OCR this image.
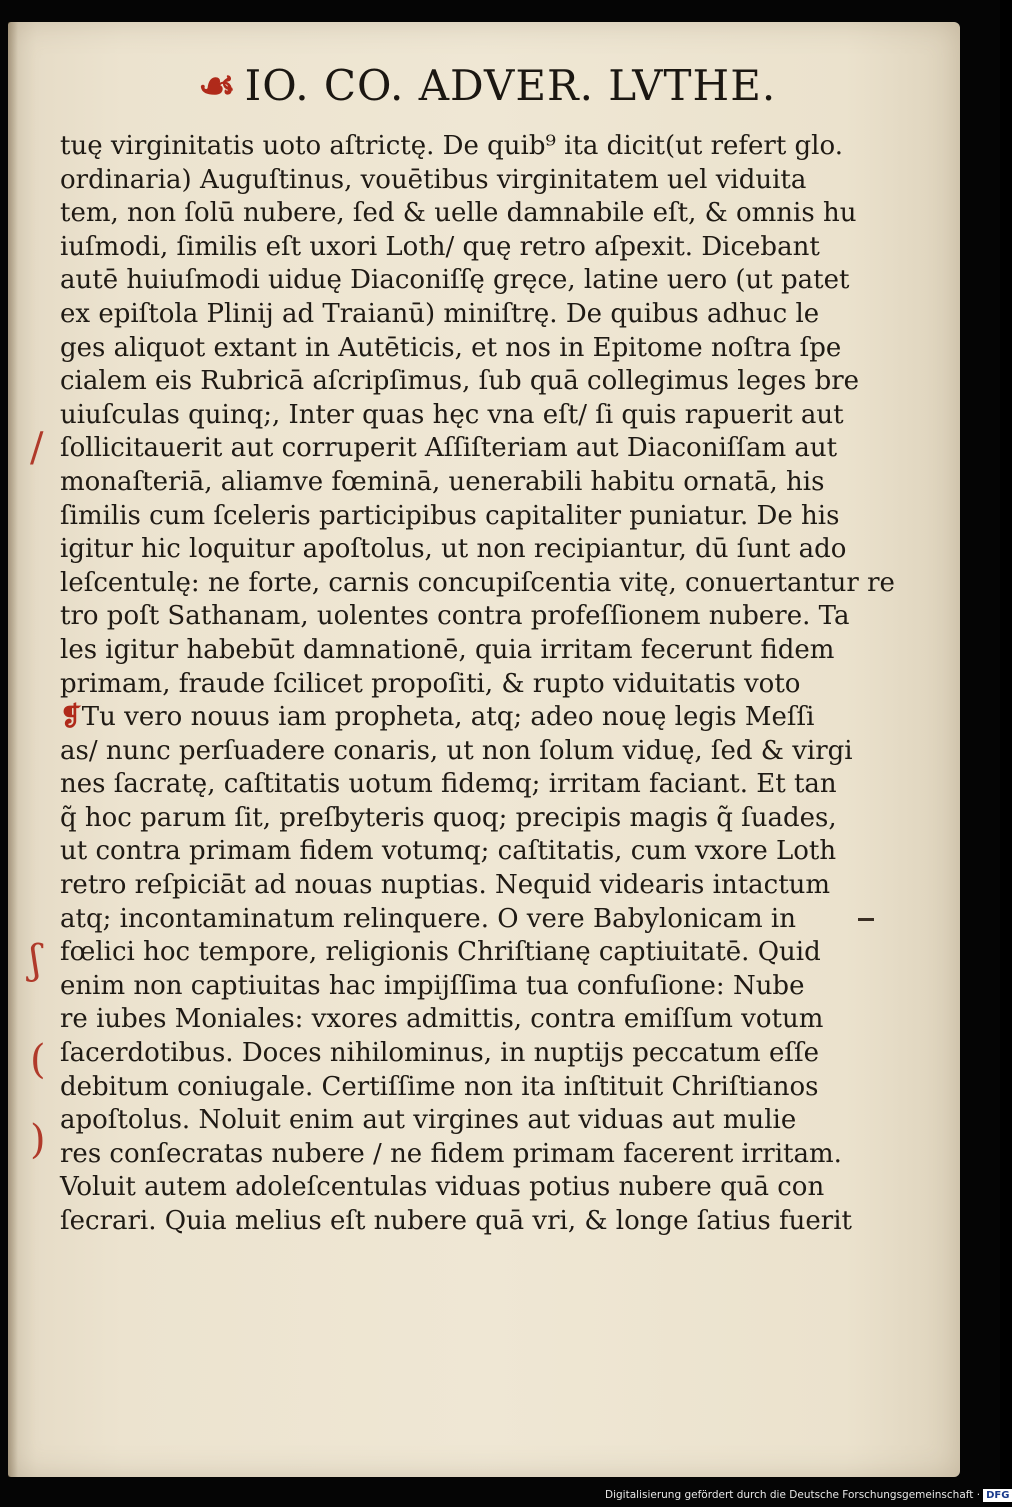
☙ IO. CO. ADVER. LVTHE.
tuę virginitatis uoto aſtrictę. De quib⁹ ita dicit(ut refert glo.
ordinaria) Auguſtinus, vouētibus virginitatem uel viduita
tem, non ſolū nubere, ſed & uelle damnabile eſt, & omnis hu
iuſmodi, ſimilis eſt uxori Loth/ quę retro aſpexit. Dicebant
autē huiuſmodi uiduę Diaconiſſę gręce, latine uero (ut patet
ex epiſtola Plinij ad Traianū) miniſtrę. De quibus adhuc le
ges aliquot extant in Autēticis, et nos in Epitome noſtra ſpe
cialem eis Rubricā aſcripſimus, ſub quā collegimus leges bre
uiuſculas quinq;, Inter quas hęc vna eſt/ ſi quis rapuerit aut
ſollicitauerit aut corruperit Aſſiſteriam aut Diaconiſſam aut
monaſteriā, aliamve fœminā, uenerabili habitu ornatā, his
ſimilis cum ſceleris participibus capitaliter puniatur. De his
igitur hic loquitur apoſtolus, ut non recipiantur, dū ſunt ado
leſcentulę: ne forte, carnis concupiſcentia vitę, conuertantur re
tro poſt Sathanam, uolentes contra profeſſionem nubere. Ta
les igitur habebūt damnationē, quia irritam fecerunt fidem
primam, fraude ſcilicet propoſiti, & rupto viduitatis voto
❡Tu vero nouus iam propheta, atq; adeo nouę legis Meſſi
as/ nunc perſuadere conaris, ut non ſolum viduę, ſed & virgi
nes ſacratę, caſtitatis uotum fidemq; irritam faciant. Et tan
q̃ hoc parum ſit, preſbyteris quoq; precipis magis q̃ ſuades,
ut contra primam fidem votumq; caſtitatis, cum vxore Loth
retro reſpiciāt ad nouas nuptias. Nequid videaris intactum
atq; incontaminatum relinquere. O vere Babylonicam in
fœlici hoc tempore, religionis Chriſtianę captiuitatē. Quid
enim non captiuitas hac impijſſima tua confuſione: Nube
re iubes Moniales: vxores admittis, contra emiſſum votum
ſacerdotibus. Doces nihilominus, in nuptijs peccatum eſſe
debitum coniugale. Certiſſime non ita inſtituit Chriſtianos
apoſtolus. Noluit enim aut virgines aut viduas aut mulie
res conſecratas nubere / ne fidem primam facerent irritam.
Voluit autem adoleſcentulas viduas potius nubere quā con
ſecrari. Quia melius eſt nubere quā vri, & longe ſatius fuerit
/
ʃ
(
)
Digitalisierung gefördert durch die Deutsche Forschungsgemeinschaft · DFG
